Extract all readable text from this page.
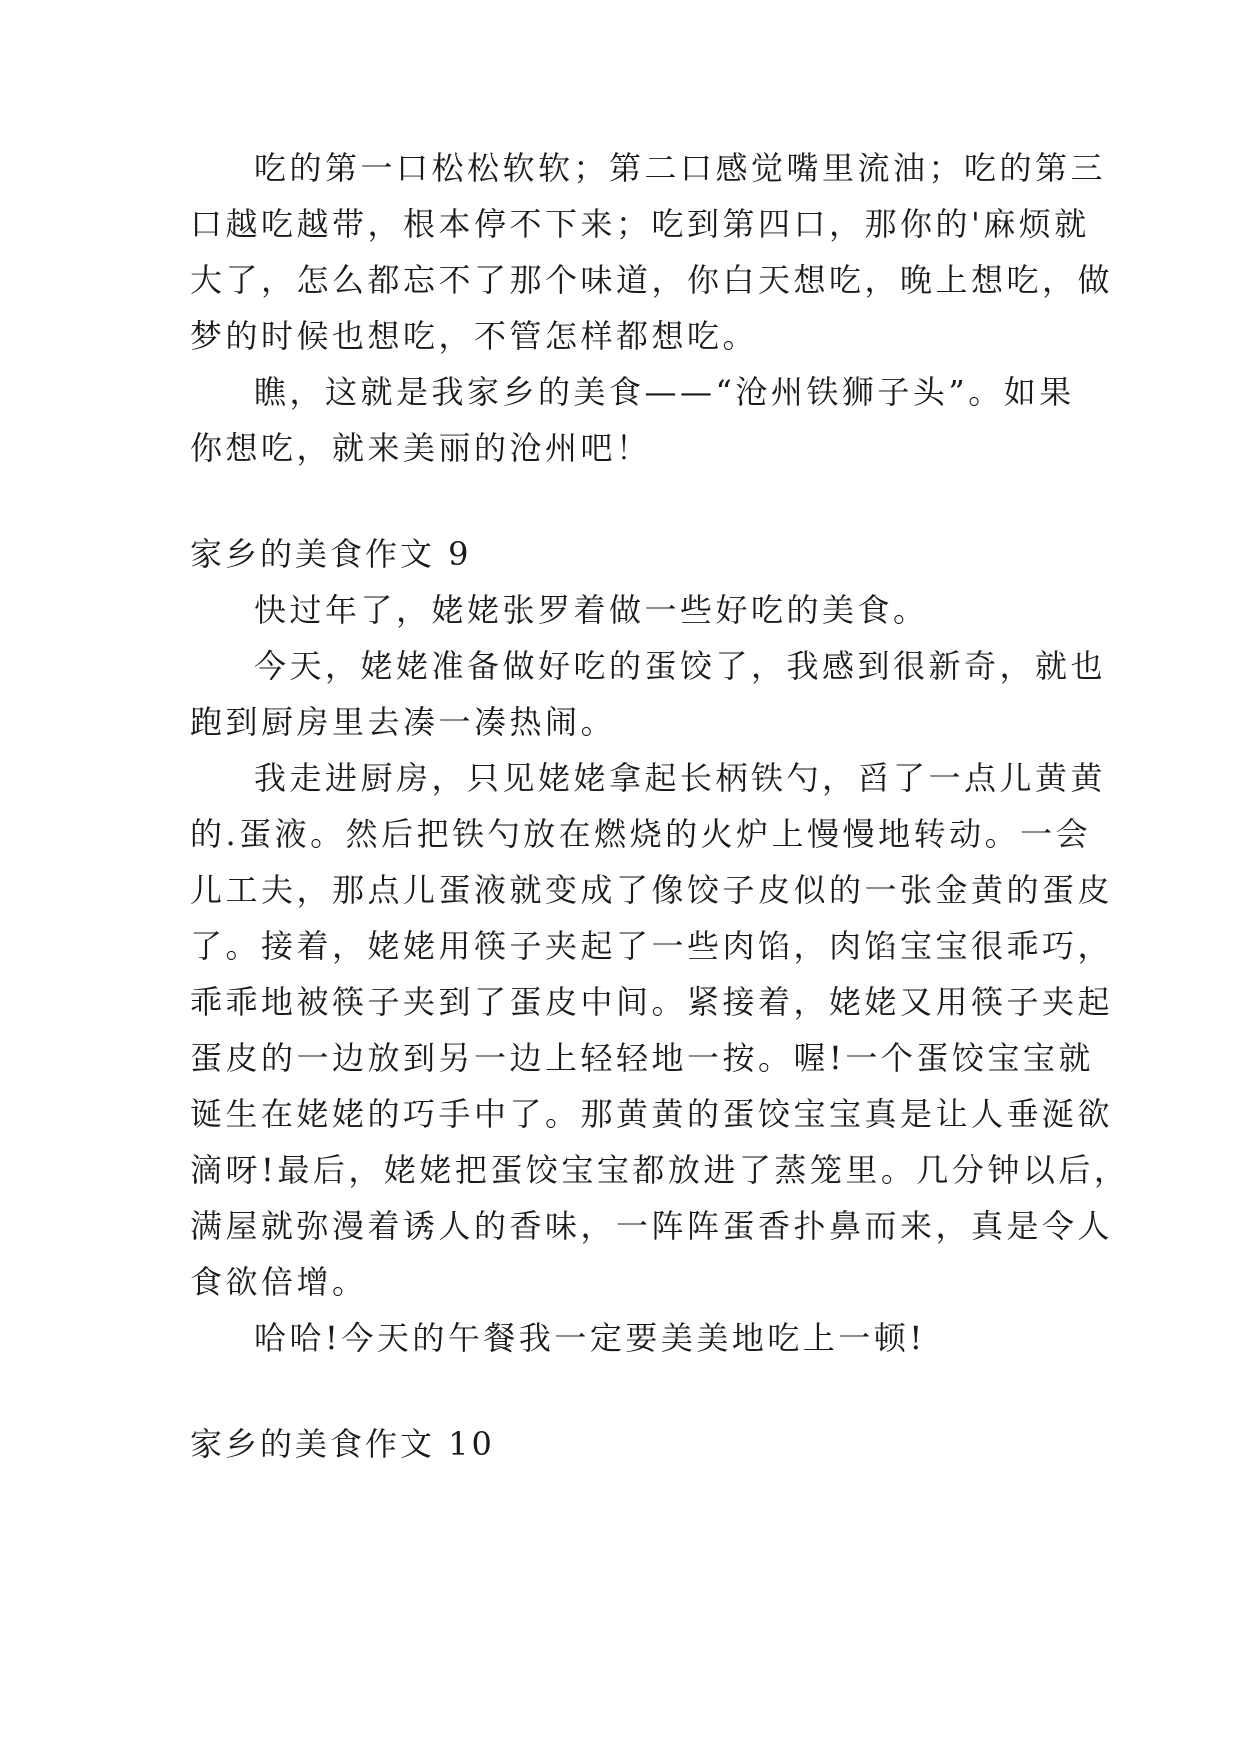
吃的第一口松松软软；第二口感觉嘴里流油；吃的第三
口越吃越带，根本停不下来；吃到第四口，那你的'麻烦就
大了，怎么都忘不了那个味道，你白天想吃，晚上想吃，做
梦的时候也想吃，不管怎样都想吃。
瞧，这就是我家乡的美食——“沧州铁狮子头”。如果
你想吃，就来美丽的沧州吧！
家乡的美食作文 9
快过年了，姥姥张罗着做一些好吃的美食。
今天，姥姥准备做好吃的蛋饺了，我感到很新奇，就也
跑到厨房里去凑一凑热闹。
我走进厨房，只见姥姥拿起长柄铁勺，舀了一点儿黄黄
的.蛋液。然后把铁勺放在燃烧的火炉上慢慢地转动。一会
儿工夫，那点儿蛋液就变成了像饺子皮似的一张金黄的蛋皮
了。接着，姥姥用筷子夹起了一些肉馅，肉馅宝宝很乖巧，
乖乖地被筷子夹到了蛋皮中间。紧接着，姥姥又用筷子夹起
蛋皮的一边放到另一边上轻轻地一按。喔!一个蛋饺宝宝就
诞生在姥姥的巧手中了。那黄黄的蛋饺宝宝真是让人垂涎欲
滴呀!最后，姥姥把蛋饺宝宝都放进了蒸笼里。几分钟以后，
满屋就弥漫着诱人的香味，一阵阵蛋香扑鼻而来，真是令人
食欲倍增。
哈哈!今天的午餐我一定要美美地吃上一顿!
家乡的美食作文 10
